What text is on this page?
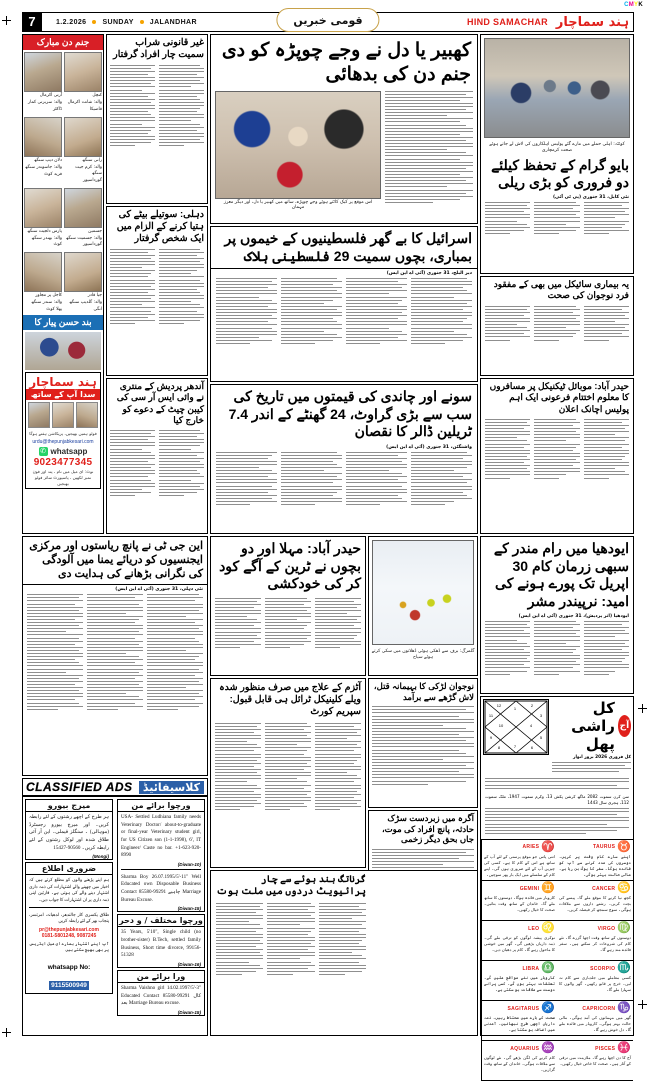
CMYK
7	1.2.2026 SUNDAY JALANDHAR	قومی خبریں	HIND SAMACHAR ہند سماچار
جنم دن مبارک
آرتی اکرمال
والد: سربرتی کمار
ڈاکٹر
کنچل
والد: شانت اکرمال
قاضیکا
دلان دیپ سنگھ
والد: جاسوندر سنگھ
فرید کوٹ
رانی سنگھ
والد: کرم جیت سنگھ
گورداسپور
پارس دلجیت سنگھ
والد: بھندر سنگھ
کوٹ
جسمین
والد: جسمیت سنگھ
گورداسپور
کاجل پر مجاور
والد: سندر سنگھ
پھلا کوٹ
جیا قادر
والد: گلدیپ سنگھ
انگی
بند حسن پیار کا
ہند سماچار
سدا آپ کے ساتھ
فوٹو ہمیں بھیجیں، پریکاشن ہفتے ہوگا
urdu@thepunjabkesari.com
✆ whatsapp
9023477345
نوٹ: ای میل میں نام ، پتہ اور فون نمبر لکھیں ، پاسپورٹ سائز فوٹو بھیجیں
این جی ٹی نے پانچ ریاستوں اور مرکزی ایجنسیوں کو دریائے یمنا میں آلودگی کی نگرانی بڑھانے کی ہدایت دی
نئی دہلی، 31 جنوری (آئی اے این ایس)
CLASSIFIED ADS کلاسیفائیڈ
میرج بیورو
ہر طرح کے اچھے رشتوں کے لئے رابطہ کریں۔ اور میرج بیورو رجسٹرڈ (موہالی) ۔ سنگلز فیملی۔ این آر آئی طلاق شدہ اور لوکل رشتوں کے لئے رابطہ کریں۔ 90560-15427
(Mongi)
ضروری اطلاع
ہم اپنے پڑھنے والوں کو مطلع کرتے ہیں کہ اخبار میں چھپنے والے اشتہارات کی ذمہ داری اشتہار دینے والے کی ہوتی ہے۔ قارئین اپنی ذمہ داری پر ان اشتہارات کا جواب دیں۔
طلاق یکسری کار جالندھر، لدھیانہ، امرتسر، پنجاب بھر کے لئے رابطہ کریں
pr@thepunjabkesari.com
0181-5801248, 9087245
آپ اپنے اشتہار ہمارے ای میل ایڈریس پر بھی بھیج سکتے ہیں
whatsapp No:9115500949
ورچوا برائے من
USA- Settled Ludhiana family needs Veterinary Doctor/ about-to-graduate or final-year Veterinary student girl, for US Citizen son (1-1-1998), 6', IT Engineer/ Caste no bar. +1-623-920-8990
(Diwan-10)
Sharma Boy 26.07.1995/5'-11" Well Educated own Disposable Business Contact 85580-99291 چاہیے Marriage Bureau Excuse.
(Diwan-15)
ورچوا مختلف / و دحر
35 Years, 5'10", Single child (no brother-sister) B.Tech, settled family Business, Short time divorce, 99156-51328
(Diwan-16)
ورا برائے من
Sharma Vaishno girl 14.02.1997/5'-3" Educated Contact 85580-99291 کال بعد Marriage Bureau excuse.
(Diwan-15)
غیر قانونی شراب سمیت چار افراد گرفتار
دہلی: سوتیلے بیٹے کی ہتیا کرنے کے الزام میں ایک شخص گرفتار
آندھر پردیش کے منتری نے وائی ایس آر سی کی کیبن چیٹ کے دعوے کو خارج کیا
کھبیر یا دل نے وجے چوپڑہ کو دی جنم دن کی بدھائی
اس موقع پر کیک کاٹتے ہوئے وجے چوپڑہ، ساتھ میں کھبیر یا دل، اور دیگر معزز مہمان
اسرائیل کا بے گھر فلسطینیوں کے خیموں پر بمباری، بچوں سمیت 29 فلسطینی ہلاک
دیر البلح، 31 جنوری (آئی اے این ایس)
سونے اور چاندی کی قیمتوں میں تاریخ کی سب سے بڑی گراوٹ، 24 گھنٹے کے اندر 7.4 ٹریلین ڈالر کا نقصان
واشنگٹن، 31 جنوری (آئی اے این ایس)
حیدر آباد: مہلا اور دو بچوں نے ٹرین کے آگے کود کر کی خودکشی
گلمرگ: برف سے ڈھکی ہوئی ڈھلانوں میں سکی کرتے ہوئے سیاح
نوجوان لڑکی کا بہیمانہ قتل، لاش گڑھے سے برآمد
آٹزم کے علاج میں صرف منظور شدہ ویلے کلینیکل ٹرائل ہی قابل قبول: سپریم کورٹ
آگرہ میں زبردست سڑک حادثہ، پانچ افراد کی موت، جاں بحق دیگر زخمی
گرناتگ بند ہوئے سے چار پرائیویٹ دردوں میں ملت ہوت
کوئٹہ: اہلی حملے میں مارے گئے پولیس اہلکاروں کی لاش لے جاتے ہوئے صحت کرمچاری
بایو گرام کے تحفظ کیلئے دو فروری کو بڑی ریلی
نئی کابل، 31 جنوری (پی ٹی آئی)
یہ بیماری سائیکل میں بھی کے مفقود فرد نوجوان کی صحت
حیدر آباد: موبائل ٹیکنیکل پر مسافروں کا معلوم اختتام فرعونی ایک اہم پولیس اچانک اعلان
ایودھیا میں رام مندر کے سبھی زرمان کام 30 اپریل تک پورے ہونے کی امید: نرپیندر مشر
ایودھیا (اتر پردیش)، 31 جنوری (آئی اے این ایس)
1
12	2
11	3
10	4
9	5
8	6
7
کل راشی پھل
آج
کل فروری 2026 بروز اتوار
سن کرن سموت 2082 ماگھ کرشن پکش 13، وکرم سموت 1947، ملک سموت 112، ہجری سال 1443
ARIES ♈
اتنی پاس جو موقع پرستی کے لئے آپ کے ساتھ ہے اس کے کام کا ہے۔ کسی کی چیزیں آپ کے لئے ضروری ہوں گی۔ اپنے کام کے سلسلے میں ایک بار پھر سوچیں۔
TAURUS ♉
اپنے سارے کام وقت پر کریں۔ دوسروں کی مدد کرنے سے آپ کو فائدہ ہوگا۔ سفر کا یوگ بن رہا ہے۔ مالی حالت بہتر ہوگی۔
GEMINI ♊
کاروبار میں فائدہ ہوگا۔ دوستوں کا ساتھ ملے گا۔ خاندان کے ساتھ وقت بتائیں۔ صحت کا خیال رکھیں۔
CANCER ♋
کچھ نیا کرنے کا موقع ملے گا۔ پیسے کی بچت کریں۔ رشتے داروں سے ملاقات ہوگی۔ سوچ سمجھ کر فیصلہ کریں۔
LEO ♌
نوکری پیشہ لوگوں کو ترقی ملے گی۔ ذمہ داریاں بڑھیں گی۔ گھر میں خوشی کا ماحول رہے گا۔ کام پر دھیان دیں۔
VIRGO ♍
دوستوں کے ساتھ وقت اچھا گزرے گا۔ نئے کام کی شروعات کر سکتے ہیں۔ سفر فائدے مند رہے گا۔
LIBRA ♎
کاروبار میں نئے مواقع ملیں گے۔ تعلقات بہتر ہوں گے۔ کسی پرانے دوست سے ملاقات ہو سکتی ہے۔
SCORPIO ♏
کسی معاملے میں جلدبازی سے کام نہ لیں۔ خرچ پر قابو رکھیں۔ گھر والوں کا سہارا ملے گا۔
SAGITARUS ♐
صحت کے بارے میں محتاط رہیں۔ ذمہ داریاں اچھی طرح نبھائیں۔ آمدنی میں اضافہ ہو سکتا ہے۔
CAPRICORN ♑
گھر میں مہمانوں کی آمد ہوگی۔ مالی حالت بہتر ہوگی۔ کاروبار میں فائدہ ملے گا۔ دل خوش رہے گا۔
AQUARIUS ♒
کام کرنے کی لگن بڑھے گی۔ نئے لوگوں سے ملاقات ہوگی۔ خاندان کے ساتھ وقت گزاریں۔
PISCES ♓
آج کا دن اچھا رہے گا۔ ملازمت میں ترقی کے آثار ہیں۔ صحت کا خاص خیال رکھیں۔
